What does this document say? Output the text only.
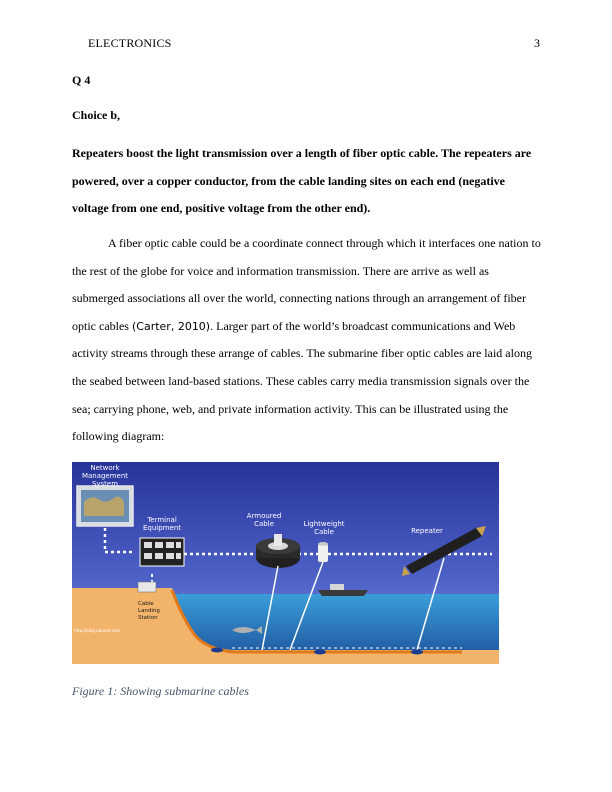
ELECTRONICS	3
Q 4
Choice b,

Repeaters boost the light transmission over a length of fiber optic cable. The repeaters are powered, over a copper conductor, from the cable landing sites on each end (negative voltage from one end, positive voltage from the other end).

A fiber optic cable could be a coordinate connect through which it interfaces one nation to the rest of the globe for voice and information transmission. There are arrive as well as submerged associations all over the world, connecting nations through an arrangement of fiber optic cables (Carter, 2010). Larger part of the world’s broadcast communications and Web activity streams through these arrange of cables. The submarine fiber optic cables are laid along the seabed between land-based stations. These cables carry media transmission signals over the sea; carrying phone, web, and private information activity. This can be illustrated using the following diagram:

Network
Management
System
Terminal
Equipment
Armoured
Cable	Lightweight
Cable	Repeater
Cable
Landing
Station
http://blog.ubqcell.com
Figure 1: Showing submarine cables
